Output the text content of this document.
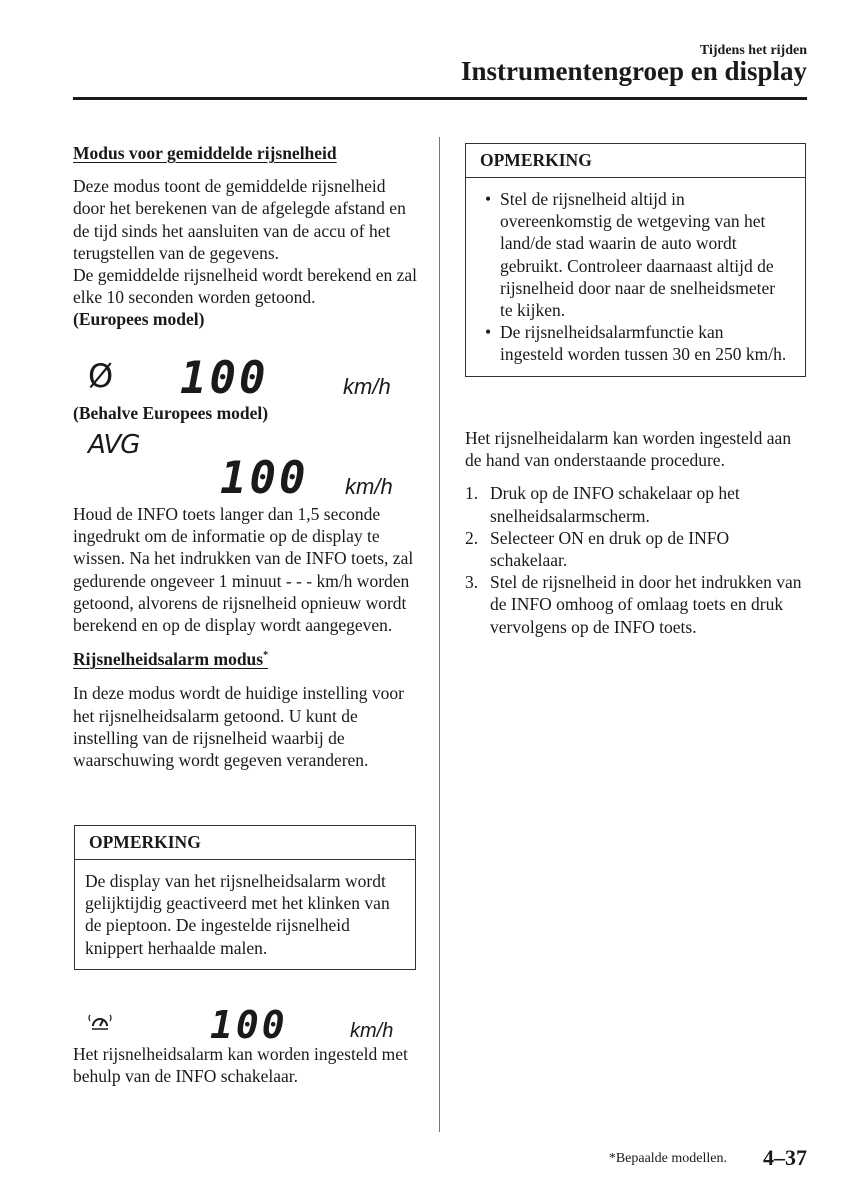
Tijdens het rijden
Instrumentengroep en display

Modus voor gemiddelde rijsnelheid

Deze modus toont de gemiddelde rijsnelheid door het berekenen van de afgelegde afstand en de tijd sinds het aansluiten van de accu of het terugstellen van de gegevens.

De gemiddelde rijsnelheid wordt berekend en zal elke 10 seconden worden getoond.

(Europees model)

Ø 100	km/h

(Behalve Europees model)

AVG
100 km/h

Houd de INFO toets langer dan 1,5 seconde ingedrukt om de informatie op de display te wissen. Na het indrukken van de INFO toets, zal gedurende ongeveer 1 minuut - - - km/h worden getoond, alvorens de rijsnelheid opnieuw wordt berekend en op de display wordt aangegeven.

Rijsnelheidsalarm modus*

In deze modus wordt de huidige instelling voor het rijsnelheidsalarm getoond. U kunt de instelling van de rijsnelheid waarbij de waarschuwing wordt gegeven veranderen.

OPMERKING
De display van het rijsnelheidsalarm wordt gelijktijdig geactiveerd met het klinken van de pieptoon. De ingestelde rijsnelheid knippert herhaalde malen.
100	km/h

Het rijsnelheidsalarm kan worden ingesteld met behulp van de INFO schakelaar.

OPMERKING
• Stel de rijsnelheid altijd in overeenkomstig de wetgeving van het land/de stad waarin de auto wordt gebruikt. Controleer daarnaast altijd de rijsnelheid door naar de snelheidsmeter te kijken.
• De rijsnelheidsalarmfunctie kan ingesteld worden tussen 30 en 250 km/h.

Het rijsnelheidalarm kan worden ingesteld aan de hand van onderstaande procedure.

1. Druk op de INFO schakelaar op het snelheidsalarmscherm.
2. Selecteer ON en druk op de INFO schakelaar.
3. Stel de rijsnelheid in door het indrukken van de INFO omhoog of omlaag toets en druk vervolgens op de INFO toets.
*Bepaalde modellen. 4–37
